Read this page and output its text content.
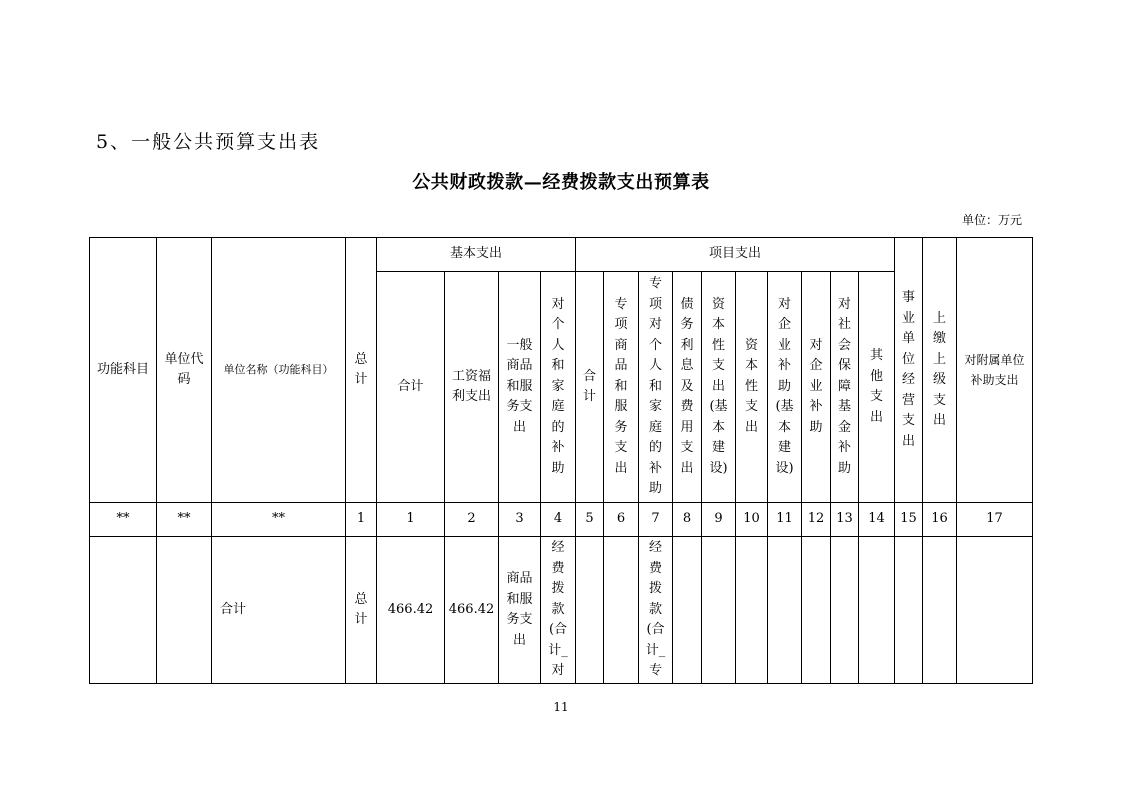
5、一般公共预算支出表
公共财政拨款—经费拨款支出预算表
单位：万元
功能科目	单位代码	单位名称（功能科目）	总计	基本支出				项目支出										事业单位经营支出	上缴上级支出	对附属单位补助支出

				合计	工资福利支出	一般商品和服务支出	对个人和家庭的补助	合计	专项商品和服务支出	专项对个人和家庭的补助	债务利息及费用支出	资本性支出(基本建设)	资本性支出	对企业补助(基本建设)	对企业补助	对社会保障基金补助	其他支出			

**	**	**	1	1	2	3	4	5	6	7	8	9	10	11	12	13	14	15	16	17
		合计	总计	466.42	466.42	商品和服务支出	经费拨款(合计_对			经费拨款(合计_专										

11
